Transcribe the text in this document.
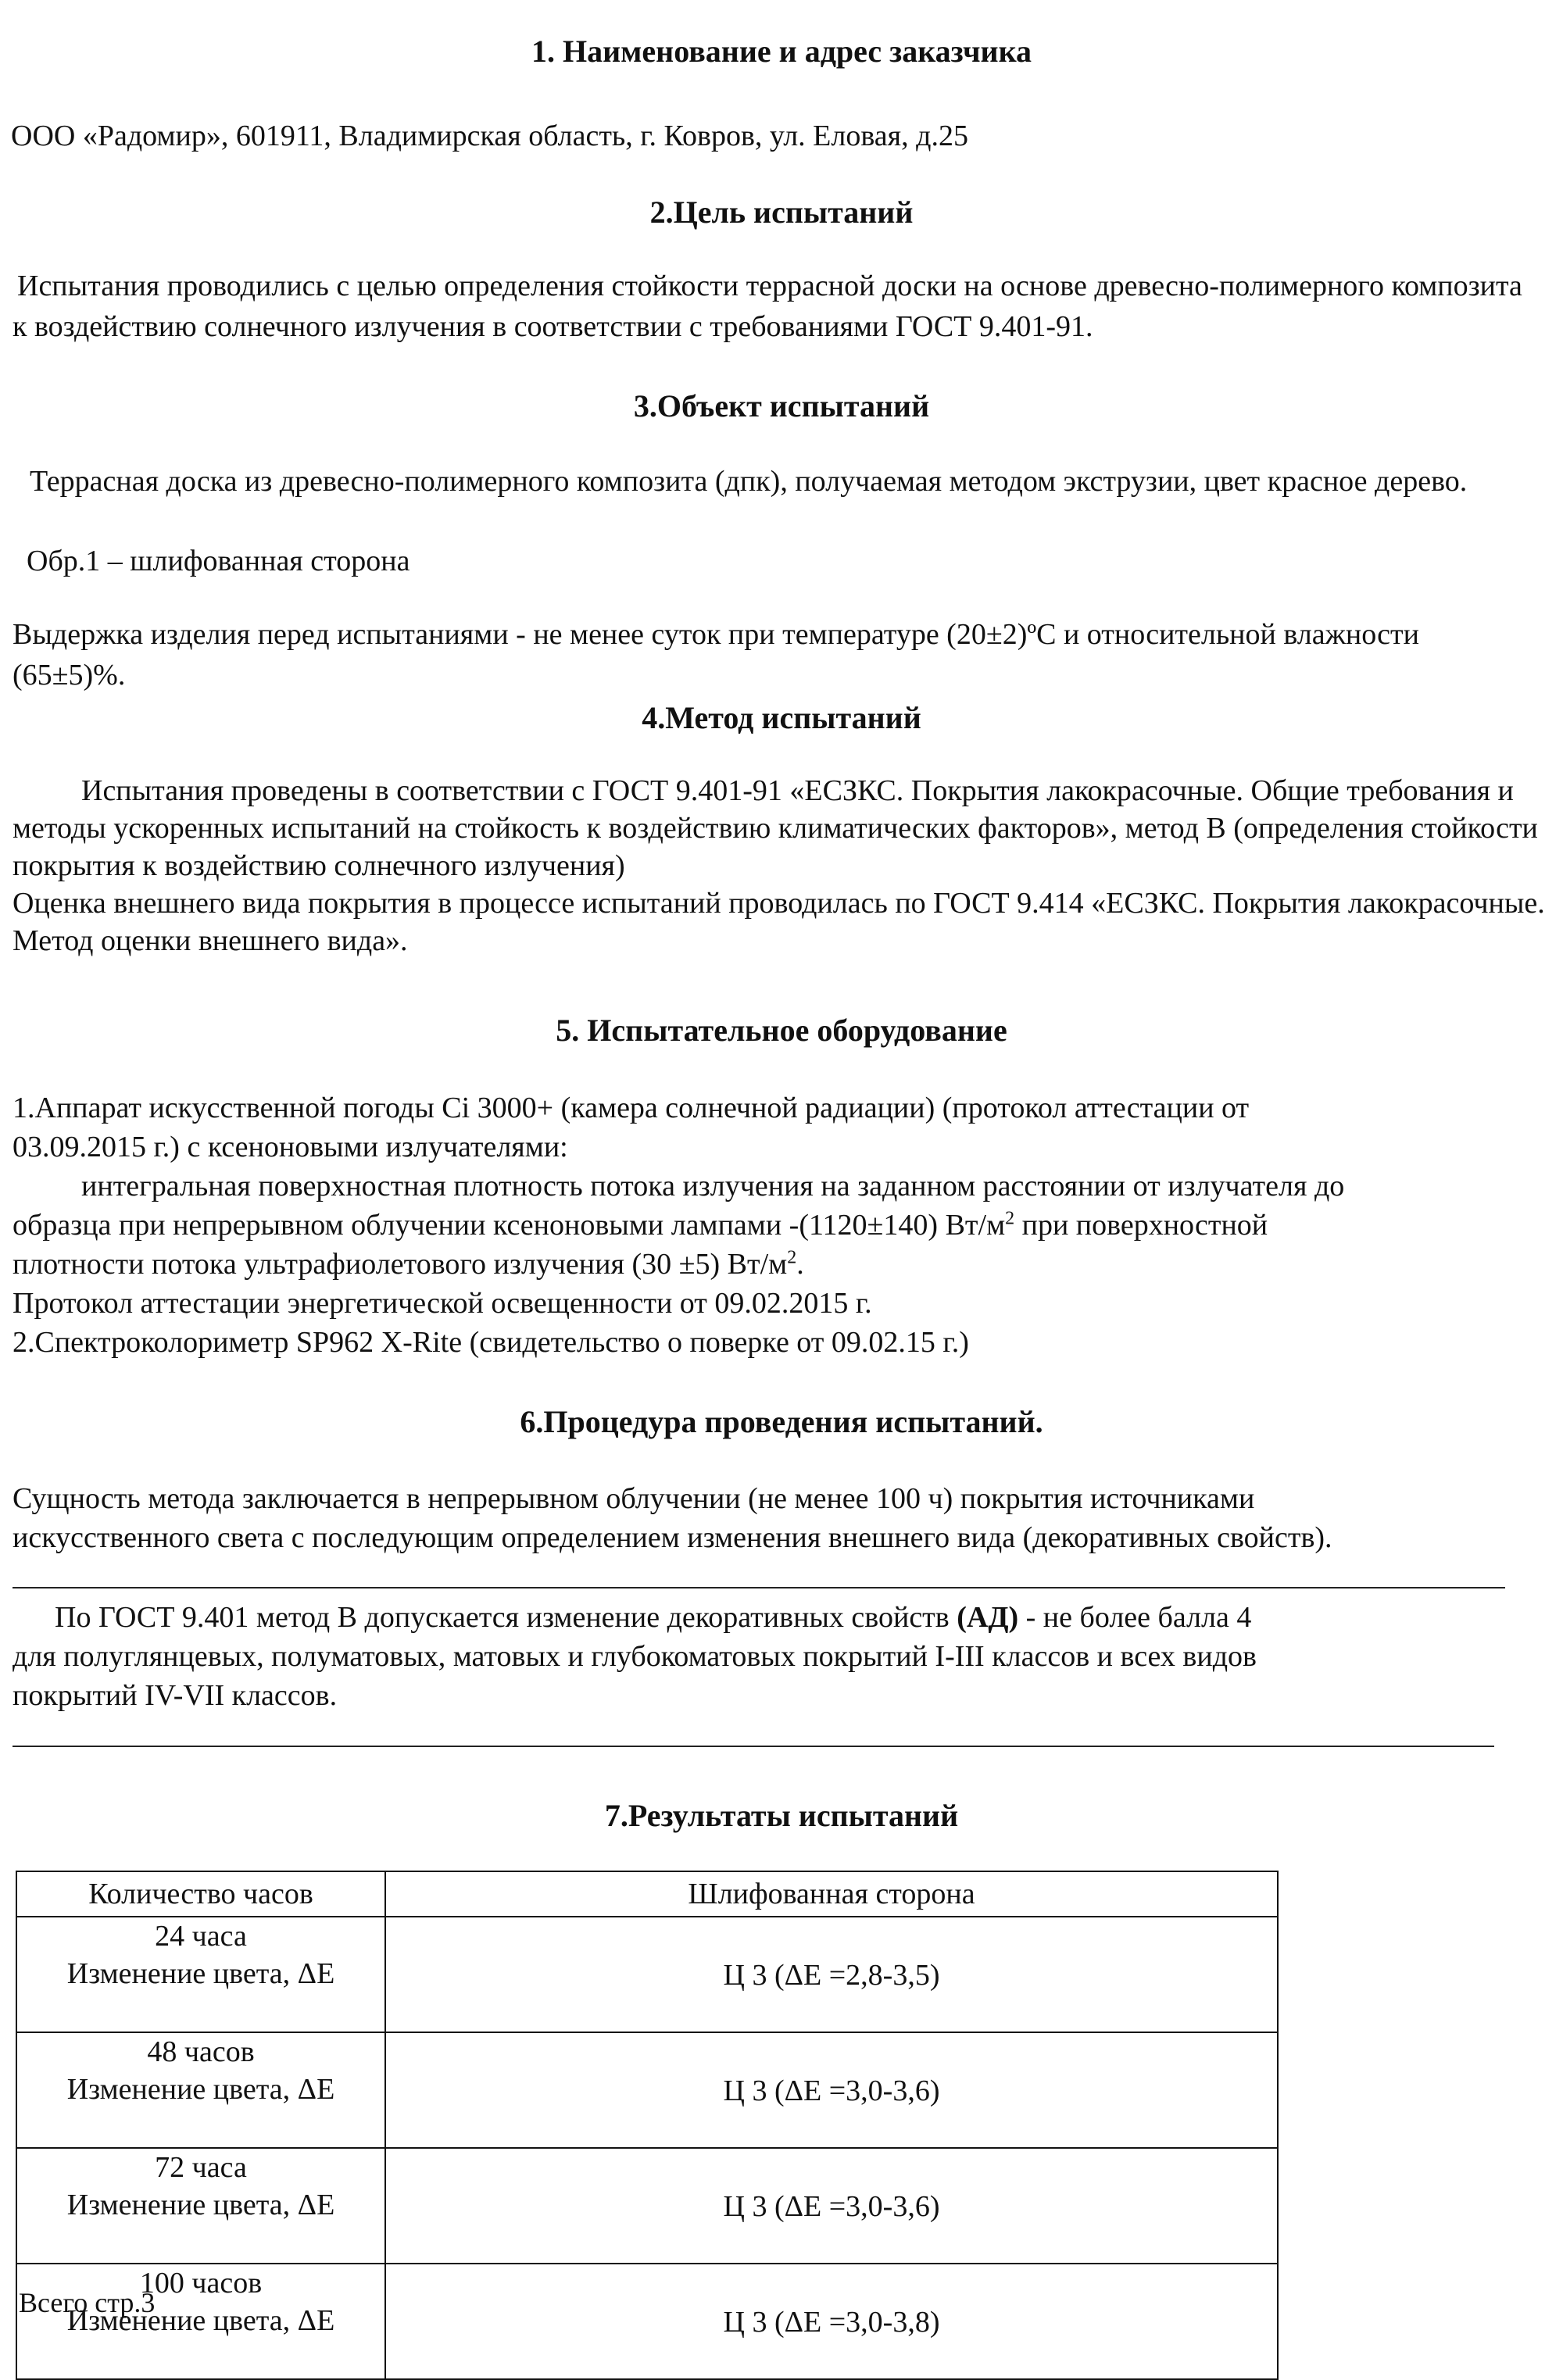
1. Наименование и адрес заказчика
ООО «Радомир», 601911, Владимирская область, г. Ковров, ул. Еловая, д.25
2.Цель испытаний
Испытания проводились с целью определения стойкости террасной доски на основе древесно-полимерного композита к воздействию солнечного излучения в соответствии с требованиями ГОСТ 9.401-91.
3.Объект испытаний
Террасная доска из древесно-полимерного композита (дпк), получаемая методом экструзии, цвет красное дерево.
Обр.1 – шлифованная сторона
Выдержка изделия перед испытаниями - не менее суток при температуре (20±2)ºС и относительной влажности (65±5)%.
4.Метод испытаний
Испытания проведены в соответствии с ГОСТ 9.401-91 «ЕСЗКС. Покрытия лакокрасочные. Общие требования и методы ускоренных испытаний на стойкость к воздействию климатических факторов», метод В (определения стойкости покрытия к воздействию солнечного излучения)
Оценка внешнего вида покрытия в процессе испытаний проводилась по ГОСТ 9.414 «ЕСЗКС. Покрытия лакокрасочные. Метод оценки внешнего вида».
5. Испытательное оборудование
1.Аппарат искусственной погоды Ci 3000+ (камера солнечной радиации) (протокол аттестации от
03.09.2015 г.) с ксеноновыми излучателями:
интегральная поверхностная плотность потока излучения на заданном расстоянии от излучателя до
образца при непрерывном облучении ксеноновыми лампами -(1120±140) $Вт/м^2$ при поверхностной
плотности потока ультрафиолетового излучения (30 ±5) $Вт/м^2$.
Протокол аттестации энергетической освещенности от 09.02.2015 г.
2.Спектроколориметр SP962 X-Rite (свидетельство о поверке от 09.02.15 г.)
6.Процедура проведения испытаний.
Сущность метода заключается в непрерывном облучении (не менее 100 ч) покрытия источниками
искусственного света с последующим определением изменения внешнего вида (декоративных свойств).
По ГОСТ 9.401 метод В допускается изменение декоративных свойств (АД) - не более балла 4
для полуглянцевых, полуматовых, матовых и глубокоматовых покрытий I-III классов и всех видов
покрытий IV-VII классов.
7.Результаты испытаний
Количество часов	Шлифованная сторона

24 часа
Изменение цвета, ΔЕ	Ц 3 (ΔЕ =2,8-3,5)

48 часов
Изменение цвета, ΔЕ	Ц 3 (ΔЕ =3,0-3,6)

72 часа
Изменение цвета, ΔЕ	Ц 3 (ΔЕ =3,0-3,6)

100 часов
Изменение цвета, ΔЕ	Ц 3 (ΔЕ =3,0-3,8)
Всего стр.3
